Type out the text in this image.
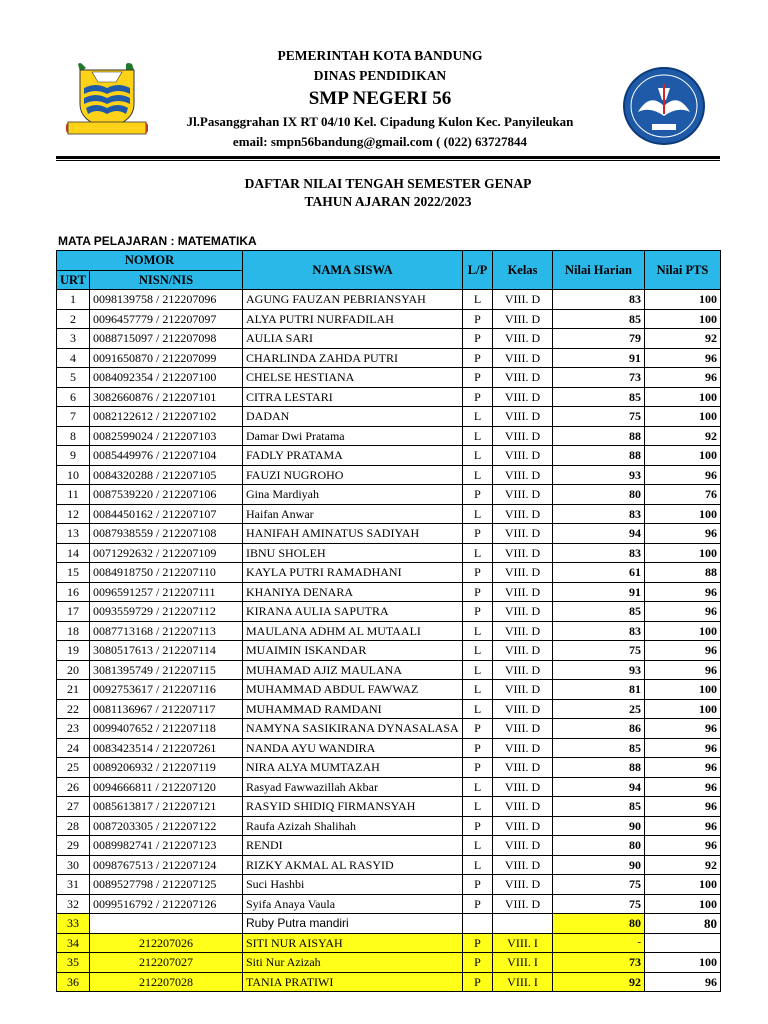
PEMERINTAH KOTA BANDUNG
DINAS PENDIDIKAN
SMP NEGERI 56
Jl.Pasanggrahan IX RT 04/10 Kel. Cipadung Kulon Kec. Panyileukan
email: smpn56bandung@gmail.com ( (022) 63727844
DAFTAR NILAI TENGAH SEMESTER GENAP
TAHUN AJARAN 2022/2023
MATA PELAJARAN : MATEMATIKA
NOMOR		NAMA SISWA	L/P	Kelas	Nilai Harian	Nilai PTS
URT	NISN/NIS					
1	0098139758 / 212207096	AGUNG FAUZAN PEBRIANSYAH	L	VIII. D	83	100
2	0096457779 / 212207097	ALYA PUTRI NURFADILAH	P	VIII. D	85	100
3	0088715097 / 212207098	AULIA SARI	P	VIII. D	79	92
4	0091650870 / 212207099	CHARLINDA ZAHDA PUTRI	P	VIII. D	91	96
5	0084092354 / 212207100	CHELSE HESTIANA	P	VIII. D	73	96
6	3082660876 / 212207101	CITRA LESTARI	P	VIII. D	85	100
7	0082122612 / 212207102	DADAN	L	VIII. D	75	100
8	0082599024 / 212207103	Damar Dwi Pratama	L	VIII. D	88	92
9	0085449976 / 212207104	FADLY PRATAMA	L	VIII. D	88	100
10	0084320288 / 212207105	FAUZI NUGROHO	L	VIII. D	93	96
11	0087539220 / 212207106	Gina Mardiyah	P	VIII. D	80	76
12	0084450162 / 212207107	Haifan Anwar	L	VIII. D	83	100
13	0087938559 / 212207108	HANIFAH AMINATUS SADIYAH	P	VIII. D	94	96
14	0071292632 / 212207109	IBNU SHOLEH	L	VIII. D	83	100
15	0084918750 / 212207110	KAYLA PUTRI RAMADHANI	P	VIII. D	61	88
16	0096591257 / 212207111	KHANIYA DENARA	P	VIII. D	91	96
17	0093559729 / 212207112	KIRANA AULIA SAPUTRA	P	VIII. D	85	96
18	0087713168 / 212207113	MAULANA ADHM AL MUTAALI	L	VIII. D	83	100
19	3080517613 / 212207114	MUAIMIN ISKANDAR	L	VIII. D	75	96
20	3081395749 / 212207115	MUHAMAD AJIZ MAULANA	L	VIII. D	93	96
21	0092753617 / 212207116	MUHAMMAD ABDUL FAWWAZ	L	VIII. D	81	100
22	0081136967 / 212207117	MUHAMMAD RAMDANI	L	VIII. D	25	100
23	0099407652 / 212207118	NAMYNA SASIKIRANA DYNASALASA	P	VIII. D	86	96
24	0083423514 / 212207261	NANDA AYU WANDIRA	P	VIII. D	85	96
25	0089206932 / 212207119	NIRA ALYA MUMTAZAH	P	VIII. D	88	96
26	0094666811 / 212207120	Rasyad Fawwazillah Akbar	L	VIII. D	94	96
27	0085613817 / 212207121	RASYID SHIDIQ FIRMANSYAH	L	VIII. D	85	96
28	0087203305 / 212207122	Raufa Azizah Shalihah	P	VIII. D	90	96
29	0089982741 / 212207123	RENDI	L	VIII. D	80	96
30	0098767513 / 212207124	RIZKY AKMAL AL RASYID	L	VIII. D	90	92
31	0089527798 / 212207125	Suci Hashbi	P	VIII. D	75	100
32	0099516792 / 212207126	Syifa Anaya Vaula	P	VIII. D	75	100
33		Ruby Putra mandiri			80	80
34	212207026	SITI NUR AISYAH	P	VIII. I	-	
35	212207027	Siti Nur Azizah	P	VIII. I	73	100
36	212207028	TANIA PRATIWI	P	VIII. I	92	96
